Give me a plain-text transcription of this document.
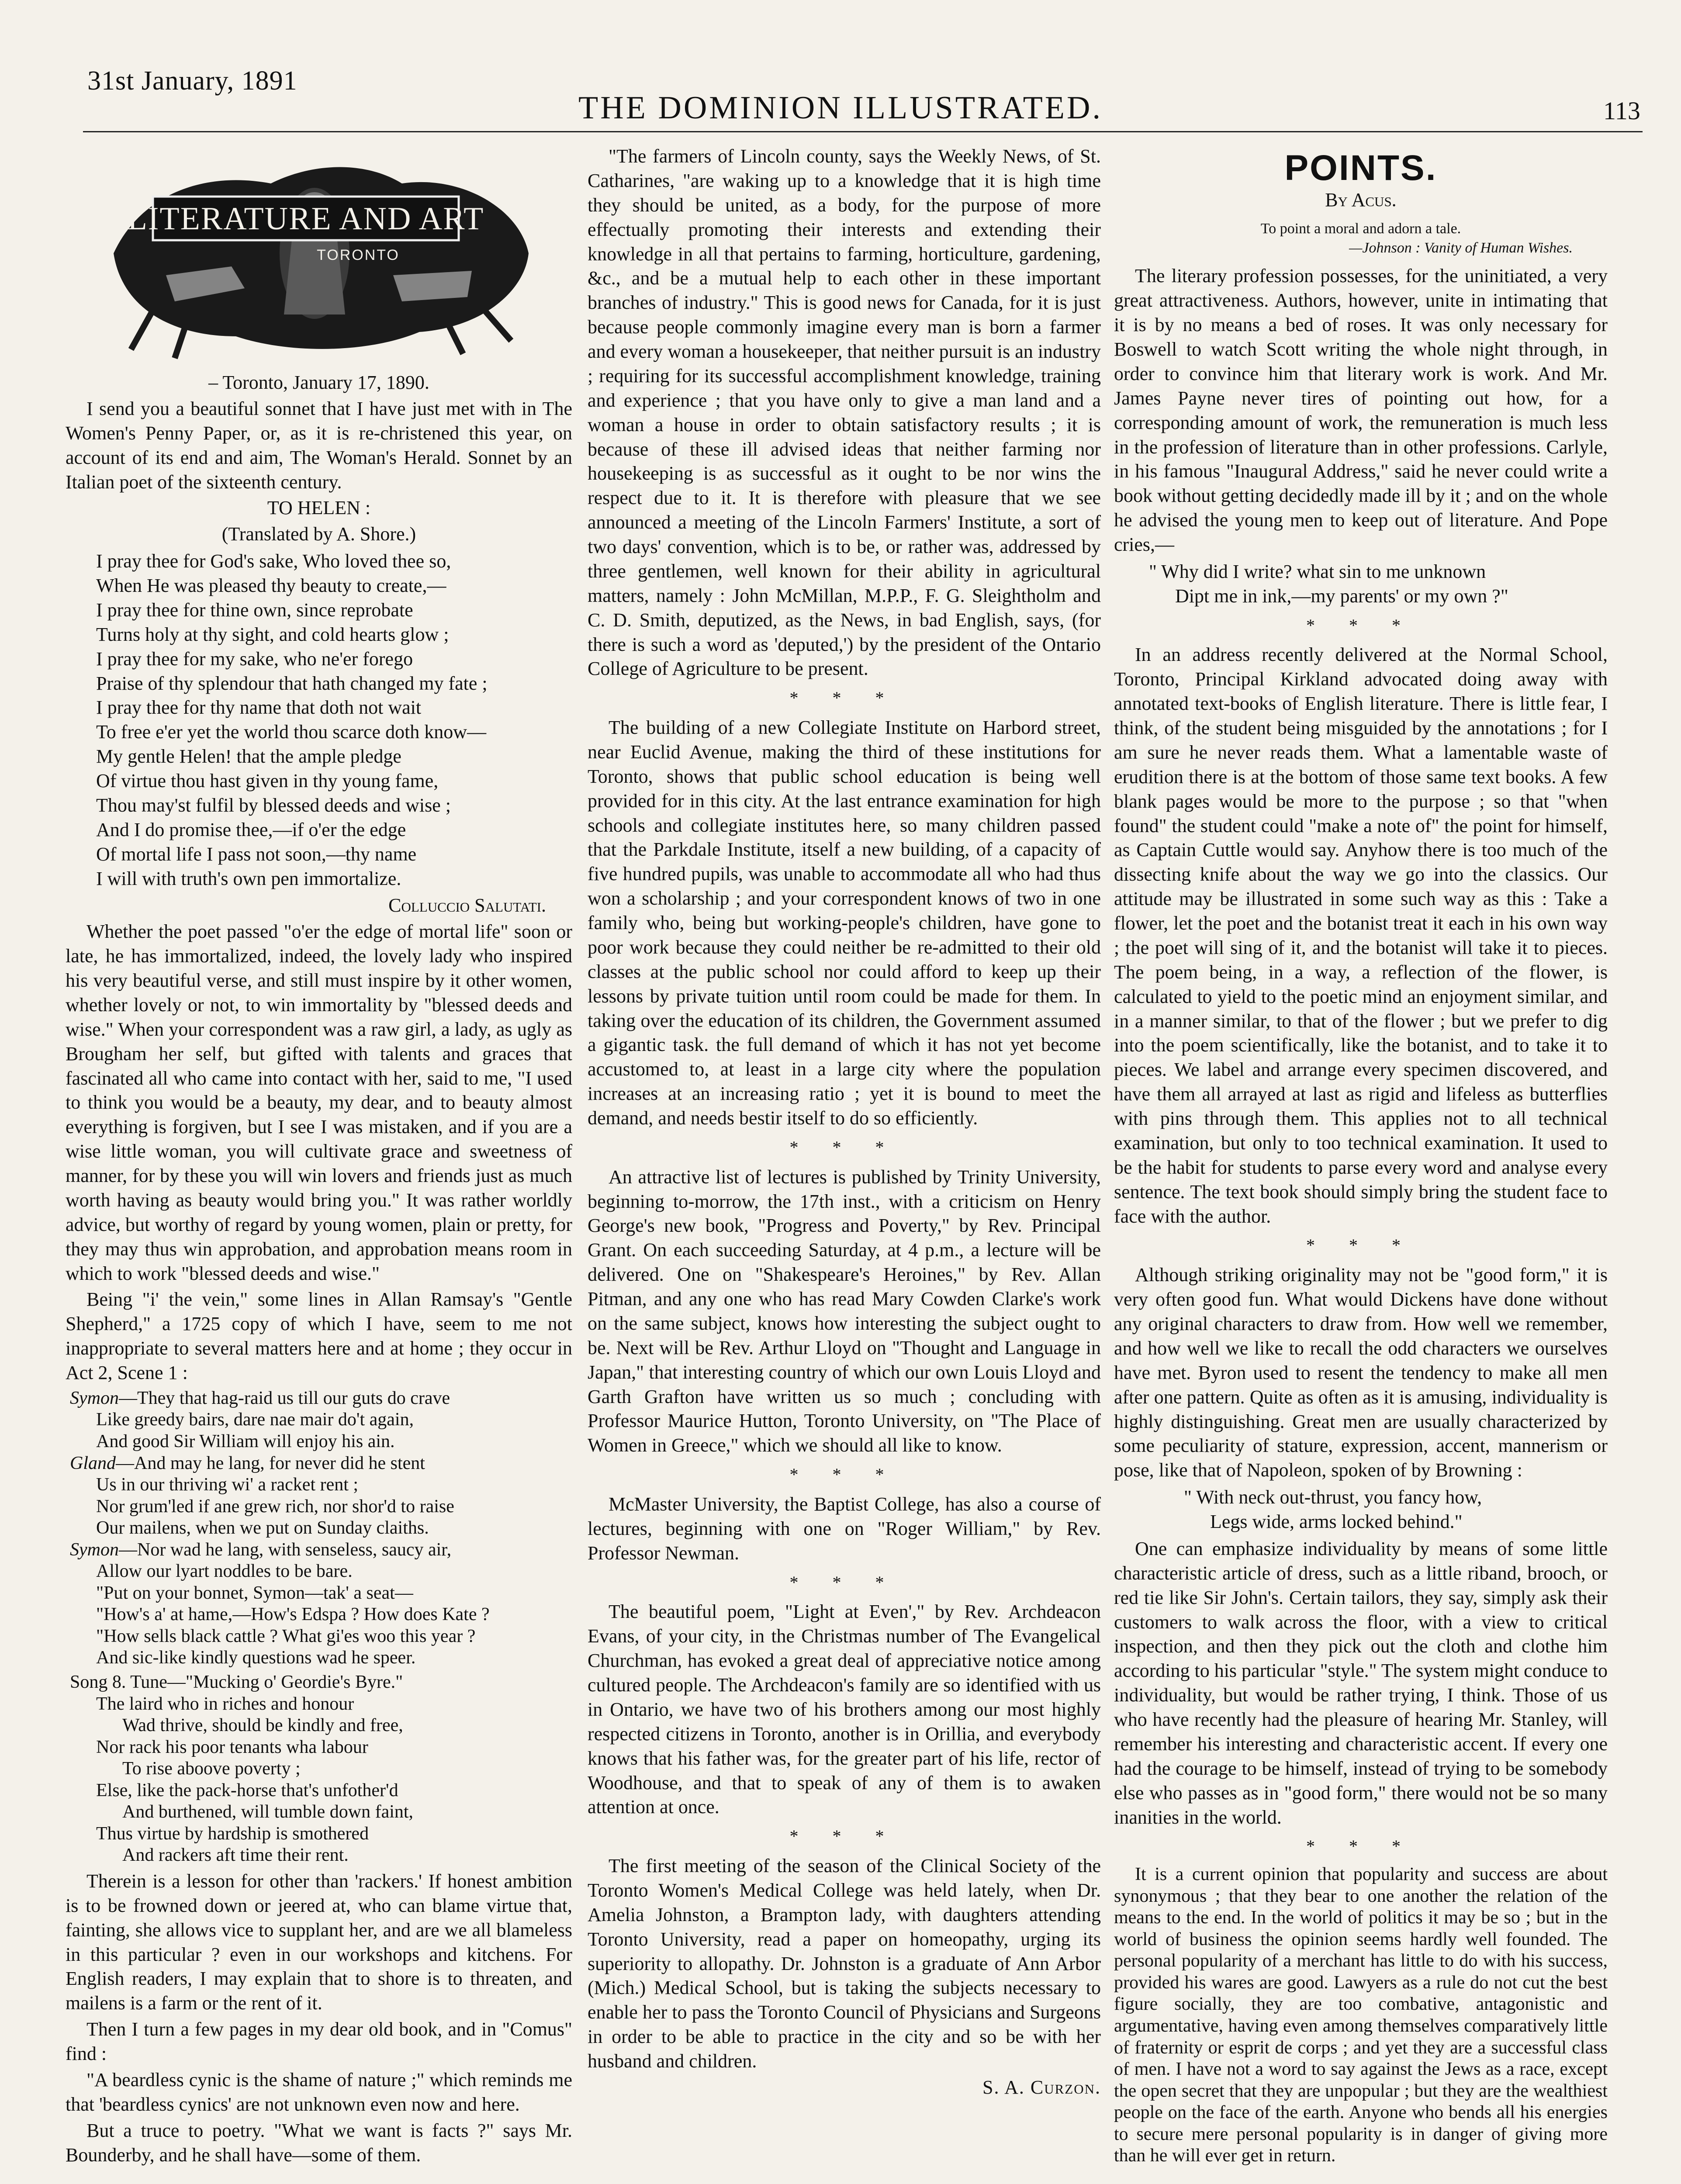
31st January, 1891
THE DOMINION ILLUSTRATED.	113
LITERATURE AND ART
TORONTO

– Toronto, January 17, 1890.

I send you a beautiful sonnet that I have just met with in The Women's Penny Paper, or, as it is re-christened this year, on account of its end and aim, The Woman's Herald. Sonnet by an Italian poet of the sixteenth century.

TO HELEN :

(Translated by A. Shore.)

I pray thee for God's sake, Who loved thee so,
When He was pleased thy beauty to create,—
I pray thee for thine own, since reprobate
Turns holy at thy sight, and cold hearts glow ;
I pray thee for my sake, who ne'er forego
Praise of thy splendour that hath changed my fate ;
I pray thee for thy name that doth not wait
To free e'er yet the world thou scarce doth know—
My gentle Helen! that the ample pledge
Of virtue thou hast given in thy young fame,
Thou may'st fulfil by blessed deeds and wise ;
And I do promise thee,—if o'er the edge
Of mortal life I pass not soon,—thy name
I will with truth's own pen immortalize.

Colluccio Salutati.

Whether the poet passed "o'er the edge of mortal life" soon or late, he has immortalized, indeed, the lovely lady who inspired his very beautiful verse, and still must inspire by it other women, whether lovely or not, to win immortality by "blessed deeds and wise." When your correspondent was a raw girl, a lady, as ugly as Brougham her self, but gifted with talents and graces that fascinated all who came into contact with her, said to me, "I used to think you would be a beauty, my dear, and to beauty almost everything is forgiven, but I see I was mistaken, and if you are a wise little woman, you will cultivate grace and sweetness of manner, for by these you will win lovers and friends just as much worth having as beauty would bring you." It was rather worldly advice, but worthy of regard by young women, plain or pretty, for they may thus win approbation, and approbation means room in which to work "blessed deeds and wise."

Being "i' the vein," some lines in Allan Ramsay's "Gentle Shepherd," a 1725 copy of which I have, seem to me not inappropriate to several matters here and at home ; they occur in Act 2, Scene 1 :

Symon—They that hag-raid us till our guts do crave
Like greedy bairs, dare nae mair do't again,
And good Sir William will enjoy his ain.
Gland—And may he lang, for never did he stent
Us in our thriving wi' a racket rent ;
Nor grum'led if ane grew rich, nor shor'd to raise
Our mailens, when we put on Sunday claiths.
Symon—Nor wad he lang, with senseless, saucy air,
Allow our lyart noddles to be bare.
"Put on your bonnet, Symon—tak' a seat—
"How's a' at hame,—How's Edspa ? How does Kate ?
"How sells black cattle ? What gi'es woo this year ?
And sic-like kindly questions wad he speer.
Song 8. Tune—"Mucking o' Geordie's Byre."
The laird who in riches and honour
Wad thrive, should be kindly and free,
Nor rack his poor tenants wha labour
To rise aboove poverty ;
Else, like the pack-horse that's unfother'd
And burthened, will tumble down faint,
Thus virtue by hardship is smothered
And rackers aft time their rent.

Therein is a lesson for other than 'rackers.' If honest ambition is to be frowned down or jeered at, who can blame virtue that, fainting, she allows vice to supplant her, and are we all blameless in this particular ? even in our workshops and kitchens. For English readers, I may explain that to shore is to threaten, and mailens is a farm or the rent of it.

Then I turn a few pages in my dear old book, and in "Comus" find :

"A beardless cynic is the shame of nature ;" which reminds me that 'beardless cynics' are not unknown even now and here.

But a truce to poetry. "What we want is facts ?" says Mr. Bounderby, and he shall have—some of them.

"The farmers of Lincoln county, says the Weekly News, of St. Catharines, "are waking up to a knowledge that it is high time they should be united, as a body, for the purpose of more effectually promoting their interests and extending their knowledge in all that pertains to farming, horticulture, gardening, &c., and be a mutual help to each other in these important branches of industry." This is good news for Canada, for it is just because people commonly imagine every man is born a farmer and every woman a housekeeper, that neither pursuit is an industry ; requiring for its successful accomplishment knowledge, training and experience ; that you have only to give a man land and a woman a house in order to obtain satisfactory results ; it is because of these ill advised ideas that neither farming nor housekeeping is as successful as it ought to be nor wins the respect due to it. It is therefore with pleasure that we see announced a meeting of the Lincoln Farmers' Institute, a sort of two days' convention, which is to be, or rather was, addressed by three gentlemen, well known for their ability in agricultural matters, namely : John McMillan, M.P.P., F. G. Sleightholm and C. D. Smith, deputized, as the News, in bad English, says, (for there is such a word as 'deputed,') by the president of the Ontario College of Agriculture to be present.

* * *

The building of a new Collegiate Institute on Harbord street, near Euclid Avenue, making the third of these institutions for Toronto, shows that public school education is being well provided for in this city. At the last entrance examination for high schools and collegiate institutes here, so many children passed that the Parkdale Institute, itself a new building, of a capacity of five hundred pupils, was unable to accommodate all who had thus won a scholarship ; and your correspondent knows of two in one family who, being but working-people's children, have gone to poor work because they could neither be re-admitted to their old classes at the public school nor could afford to keep up their lessons by private tuition until room could be made for them. In taking over the education of its children, the Government assumed a gigantic task. the full demand of which it has not yet become accustomed to, at least in a large city where the population increases at an increasing ratio ; yet it is bound to meet the demand, and needs bestir itself to do so efficiently.

* * *

An attractive list of lectures is published by Trinity University, beginning to-morrow, the 17th inst., with a criticism on Henry George's new book, "Progress and Poverty," by Rev. Principal Grant. On each succeeding Saturday, at 4 p.m., a lecture will be delivered. One on "Shakespeare's Heroines," by Rev. Allan Pitman, and any one who has read Mary Cowden Clarke's work on the same subject, knows how interesting the subject ought to be. Next will be Rev. Arthur Lloyd on "Thought and Language in Japan," that interesting country of which our own Louis Lloyd and Garth Grafton have written us so much ; concluding with Professor Maurice Hutton, Toronto University, on "The Place of Women in Greece," which we should all like to know.

* * *

McMaster University, the Baptist College, has also a course of lectures, beginning with one on "Roger William," by Rev. Professor Newman.

* * *

The beautiful poem, "Light at Even'," by Rev. Archdeacon Evans, of your city, in the Christmas number of The Evangelical Churchman, has evoked a great deal of appreciative notice among cultured people. The Archdeacon's family are so identified with us in Ontario, we have two of his brothers among our most highly respected citizens in Toronto, another is in Orillia, and everybody knows that his father was, for the greater part of his life, rector of Woodhouse, and that to speak of any of them is to awaken attention at once.

* * *

The first meeting of the season of the Clinical Society of the Toronto Women's Medical College was held lately, when Dr. Amelia Johnston, a Brampton lady, with daughters attending Toronto University, read a paper on homeopathy, urging its superiority to allopathy. Dr. Johnston is a graduate of Ann Arbor (Mich.) Medical School, but is taking the subjects necessary to enable her to pass the Toronto Council of Physicians and Surgeons in order to be able to practice in the city and so be with her husband and children.

S. A. Curzon.
POINTS.
By Acus.
To point a moral and adorn a tale.
—Johnson : Vanity of Human Wishes.

The literary profession possesses, for the uninitiated, a very great attractiveness. Authors, however, unite in intimating that it is by no means a bed of roses. It was only necessary for Boswell to watch Scott writing the whole night through, in order to convince him that literary work is work. And Mr. James Payne never tires of pointing out how, for a corresponding amount of work, the remuneration is much less in the profession of literature than in other professions. Carlyle, in his famous "Inaugural Address," said he never could write a book without getting decidedly made ill by it ; and on the whole he advised the young men to keep out of literature. And Pope cries,—

" Why did I write? what sin to me unknown
Dipt me in ink,—my parents' or my own ?"
* * *

In an address recently delivered at the Normal School, Toronto, Principal Kirkland advocated doing away with annotated text-books of English literature. There is little fear, I think, of the student being misguided by the annotations ; for I am sure he never reads them. What a lamentable waste of erudition there is at the bottom of those same text books. A few blank pages would be more to the purpose ; so that "when found" the student could "make a note of" the point for himself, as Captain Cuttle would say. Anyhow there is too much of the dissecting knife about the way we go into the classics. Our attitude may be illustrated in some such way as this : Take a flower, let the poet and the botanist treat it each in his own way ; the poet will sing of it, and the botanist will take it to pieces. The poem being, in a way, a reflection of the flower, is calculated to yield to the poetic mind an enjoyment similar, and in a manner similar, to that of the flower ; but we prefer to dig into the poem scientifically, like the botanist, and to take it to pieces. We label and arrange every specimen discovered, and have them all arrayed at last as rigid and lifeless as butterflies with pins through them. This applies not to all technical examination, but only to too technical examination. It used to be the habit for students to parse every word and analyse every sentence. The text book should simply bring the student face to face with the author.

* * *

Although striking originality may not be "good form," it is very often good fun. What would Dickens have done without any original characters to draw from. How well we remember, and how well we like to recall the odd characters we ourselves have met. Byron used to resent the tendency to make all men after one pattern. Quite as often as it is amusing, individuality is highly distinguishing. Great men are usually characterized by some peculiarity of stature, expression, accent, mannerism or pose, like that of Napoleon, spoken of by Browning :

" With neck out-thrust, you fancy how,
Legs wide, arms locked behind."

One can emphasize individuality by means of some little characteristic article of dress, such as a little riband, brooch, or red tie like Sir John's. Certain tailors, they say, simply ask their customers to walk across the floor, with a view to critical inspection, and then they pick out the cloth and clothe him according to his particular "style." The system might conduce to individuality, but would be rather trying, I think. Those of us who have recently had the pleasure of hearing Mr. Stanley, will remember his interesting and characteristic accent. If every one had the courage to be himself, instead of trying to be somebody else who passes as in "good form," there would not be so many inanities in the world.

* * *

It is a current opinion that popularity and success are about synonymous ; that they bear to one another the relation of the means to the end. In the world of politics it may be so ; but in the world of business the opinion seems hardly well founded. The personal popularity of a merchant has little to do with his success, provided his wares are good. Lawyers as a rule do not cut the best figure socially, they are too combative, antagonistic and argumentative, having even among themselves comparatively little of fraternity or esprit de corps ; and yet they are a successful class of men. I have not a word to say against the Jews as a race, except the open secret that they are unpopular ; but they are the wealthiest people on the face of the earth. Anyone who bends all his energies to secure mere personal popularity is in danger of giving more than he will ever get in return.
